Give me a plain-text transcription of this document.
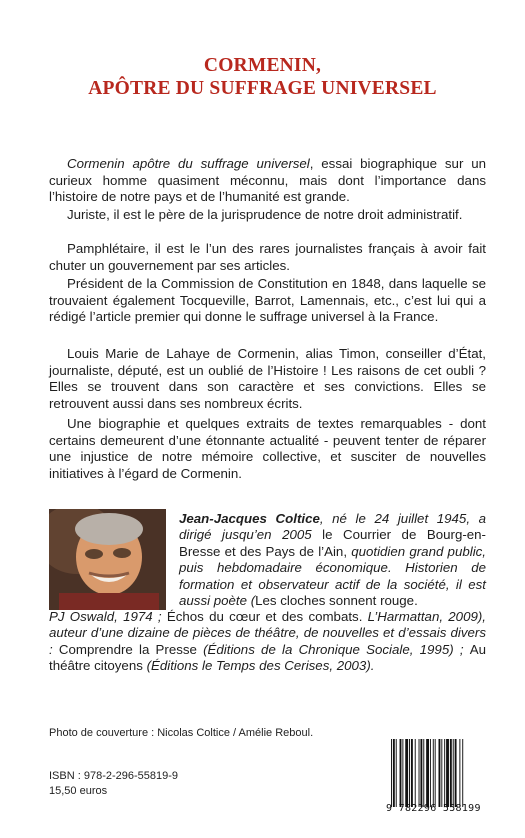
CORMENIN,
APÔTRE DU SUFFRAGE UNIVERSEL

Cormenin apôtre du suffrage universel, essai biographique sur un curieux homme quasiment méconnu, mais dont l’importance dans l’histoire de notre pays et de l’humanité est grande.

Juriste, il est le père de la jurisprudence de notre droit administratif.

Pamphlétaire, il est le l’un des rares journalistes français à avoir fait chuter un gouvernement par ses articles.

Président de la Commission de Constitution en 1848, dans laquelle se trouvaient également Tocqueville, Barrot, Lamennais, etc., c’est lui qui a rédigé l’article premier qui donne le suffrage universel à la France.

Louis Marie de Lahaye de Cormenin, alias Timon, conseiller d’État, journaliste, député, est un oublié de l’Histoire ! Les raisons de cet oubli ? Elles se trouvent dans son caractère et ses convictions. Elles se retrouvent aussi dans ses nombreux écrits.

Une biographie et quelques extraits de textes remarquables - dont certains demeurent d’une étonnante actualité - peuvent tenter de réparer une injustice de notre mémoire collective, et susciter de nouvelles initiatives à l’égard de Cormenin.

Jean-Jacques Coltice, né le 24 juillet 1945, a dirigé jusqu’en 2005 le Courrier de Bourg-en-Bresse et des Pays de l’Ain, quotidien grand public, puis hebdomadaire économique. Historien de formation et observateur actif de la société, il est aussi poète (Les cloches sonnent rouge.

PJ Oswald, 1974 ; Échos du cœur et des combats. L’Harmattan, 2009), auteur d’une dizaine de pièces de théâtre, de nouvelles et d’essais divers : Comprendre la Presse (Éditions de la Chronique Sociale, 1995) ; Au théâtre citoyens (Éditions le Temps des Cerises, 2003).

Photo de couverture : Nicolas Coltice / Amélie Reboul.
ISBN : 978-2-296-55819-9
15,50 euros
9 782296 558199
